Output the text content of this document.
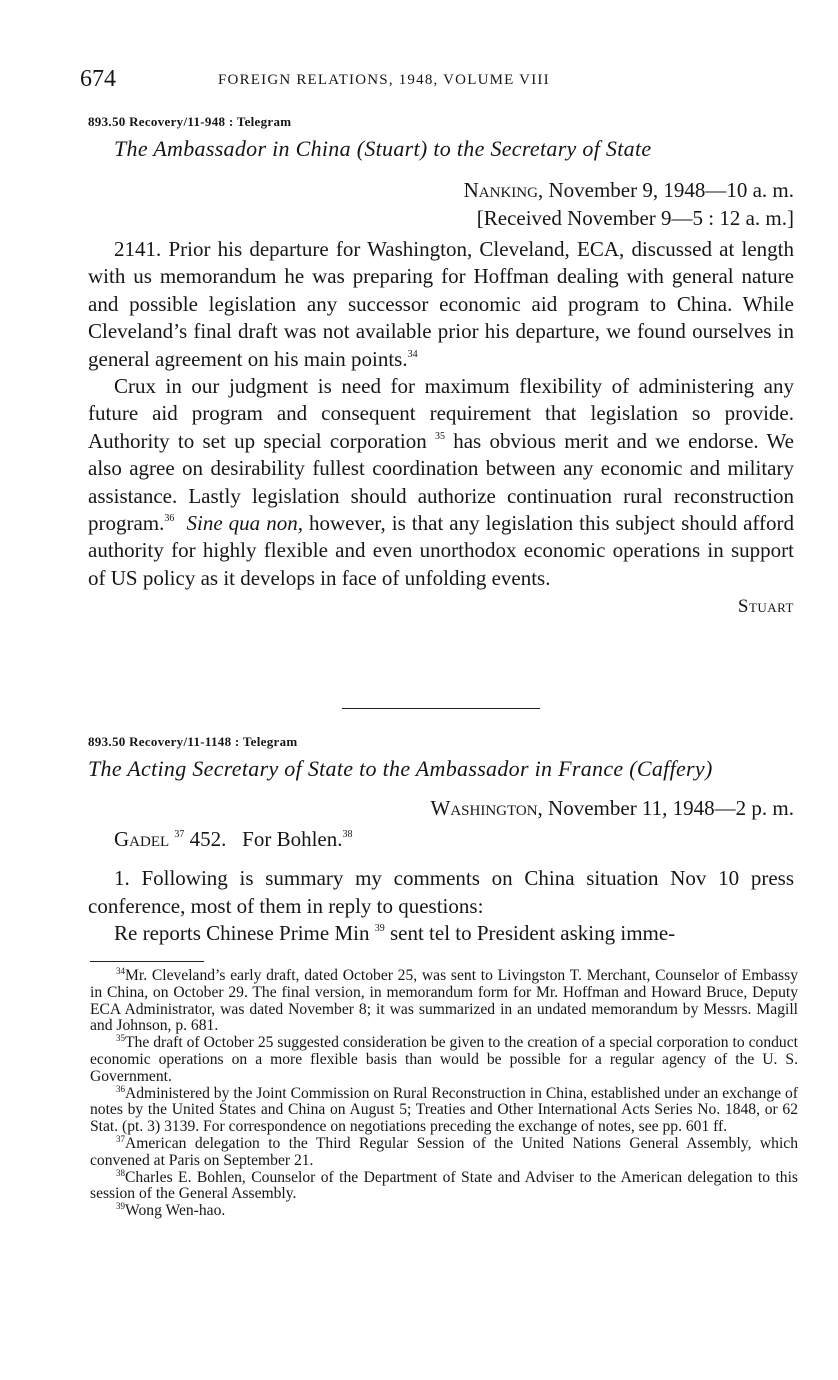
674	FOREIGN RELATIONS, 1948, VOLUME VIII
893.50 Recovery/11-948 : Telegram
The Ambassador in China (Stuart) to the Secretary of State
Nanking, November 9, 1948—10 a. m.
[Received November 9—5 : 12 a. m.]

2141. Prior his departure for Washington, Cleveland, ECA, discussed at length with us memorandum he was preparing for Hoffman dealing with general nature and possible legislation any successor economic aid program to China. While Cleveland’s final draft was not available prior his departure, we found ourselves in general agreement on his main points.$^{34}$

Crux in our judgment is need for maximum flexibility of administering any future aid program and consequent requirement that legislation so provide. Authority to set up special corporation $^{35}$ has obvious merit and we endorse. We also agree on desirability fullest coordination between any economic and military assistance. Lastly legislation should authorize continuation rural reconstruction program.$^{36}$ Sine qua non, however, is that any legislation this subject should afford authority for highly flexible and even unorthodox economic operations in support of US policy as it develops in face of unfolding events.

Stuart
893.50 Recovery/11-1148 : Telegram
The Acting Secretary of State to the Ambassador in France (Caffery)
Washington, November 11, 1948—2 p. m.

Gadel $^{37}$ 452.   For Bohlen.$^{38}$

1. Following is summary my comments on China situation Nov 10 press conference, most of them in reply to questions:

Re reports Chinese Prime Min $^{39}$ sent tel to President asking imme-

$^{34}$Mr. Cleveland’s early draft, dated October 25, was sent to Livingston T. Merchant, Counselor of Embassy in China, on October 29. The final version, in memorandum form for Mr. Hoffman and Howard Bruce, Deputy ECA Administrator, was dated November 8; it was summarized in an undated memorandum by Messrs. Magill and Johnson, p. 681.

$^{35}$The draft of October 25 suggested consideration be given to the creation of a special corporation to conduct economic operations on a more flexible basis than would be possible for a regular agency of the U. S. Government.

$^{36}$Administered by the Joint Commission on Rural Reconstruction in China, established under an exchange of notes by the United States and China on August 5; Treaties and Other International Acts Series No. 1848, or 62 Stat. (pt. 3) 3139. For correspondence on negotiations preceding the exchange of notes, see pp. 601 ff.

$^{37}$American delegation to the Third Regular Session of the United Nations General Assembly, which convened at Paris on September 21.

$^{38}$Charles E. Bohlen, Counselor of the Department of State and Adviser to the American delegation to this session of the General Assembly.

$^{39}$Wong Wen-hao.
